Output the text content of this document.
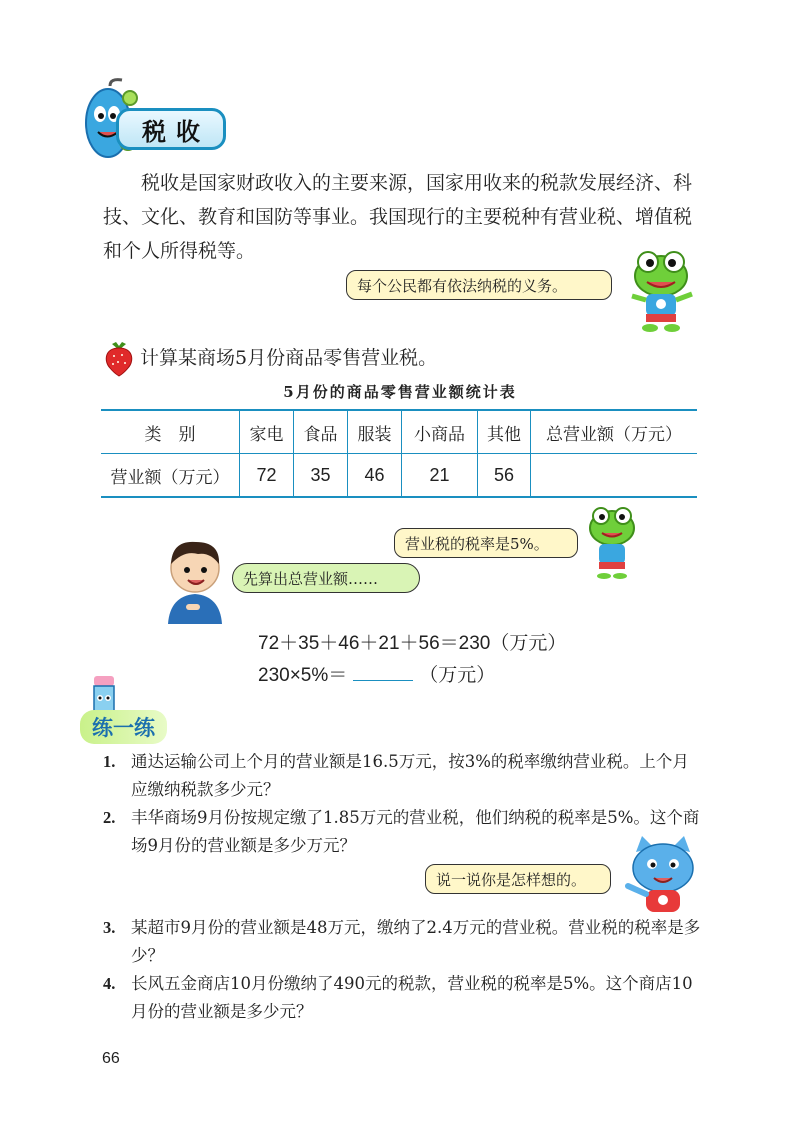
税收
税收是国家财政收入的主要来源，国家用收来的税款发展经济、科技、文化、教育和国防等事业。我国现行的主要税种有营业税、增值税和个人所得税等。
每个公民都有依法纳税的义务。
计算某商场5月份商品零售营业税。
5月份的商品零售营业额统计表
类　别	家电	食品	服装	小商品	其他	总营业额（万元）
营业额（万元）	72	35	46	21	56	
营业税的税率是5%。
先算出总营业额……
72＋35＋46＋21＋56＝230（万元）
230×5%＝	（万元）
练一练
1. 通达运输公司上个月的营业额是16.5万元，按3%的税率缴纳营业税。上个月应缴纳税款多少元？
2. 丰华商场9月份按规定缴了1.85万元的营业税，他们纳税的税率是5%。这个商场9月份的营业额是多少万元？
说一说你是怎样想的。
3. 某超市9月份的营业额是48万元，缴纳了2.4万元的营业税。营业税的税率是多少？
4. 长风五金商店10月份缴纳了490元的税款，营业税的税率是5%。这个商店10月份的营业额是多少元？
66
